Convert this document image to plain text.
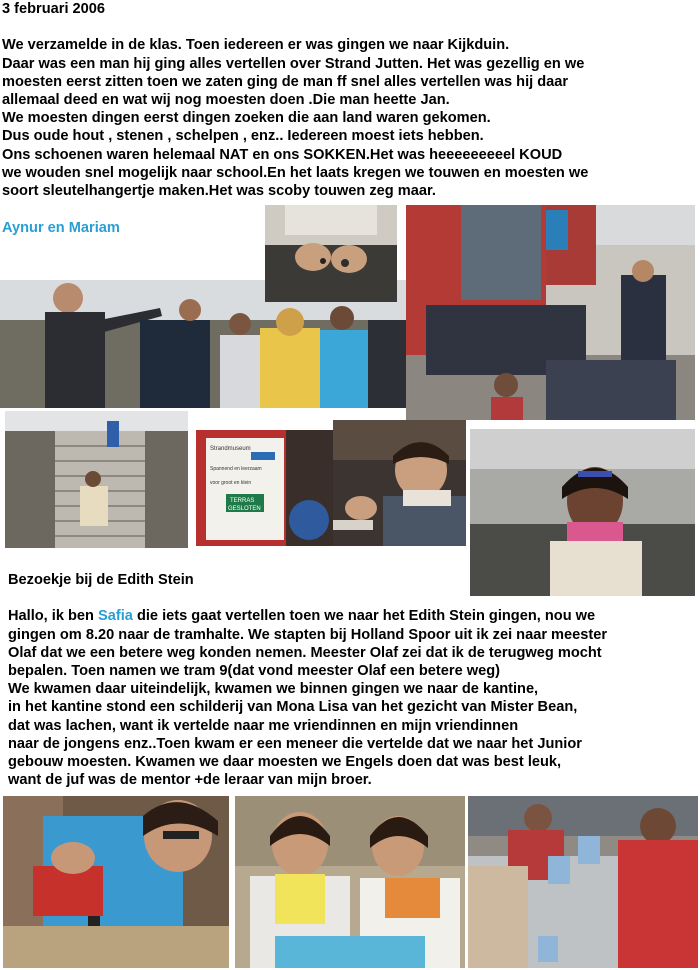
3 februari 2006
We verzamelde in de klas. Toen iedereen er was gingen we naar Kijkduin.
Daar was een man hij ging alles vertellen over Strand Jutten. Het was gezellig en we
moesten eerst zitten toen we zaten ging de man ff snel alles vertellen was hij daar
allemaal deed en wat wij nog moesten doen .Die man heette Jan.
We moesten dingen eerst dingen zoeken die aan land waren gekomen.
Dus oude hout , stenen , schelpen , enz.. Iedereen moest iets hebben.
Ons schoenen waren helemaal NAT en ons SOKKEN.Het was heeeeeeeeel KOUD
we wouden snel mogelijk naar school.En het laats kregen we touwen en moesten we
soort sleutelhangertje maken.Het was scoby touwen zeg maar.
Aynur en Mariam
Strandmuseum
Spannend en leerzaam
voor groot en klein
TERRAS
GESLOTEN
Bezoekje bij de Edith Stein
Hallo, ik ben Safia die iets gaat vertellen toen we naar het Edith Stein gingen, nou we
gingen om 8.20 naar de tramhalte. We stapten bij Holland Spoor uit ik zei naar meester
Olaf dat we een betere weg konden nemen. Meester Olaf zei dat ik de terugweg mocht
bepalen. Toen namen we tram 9(dat vond meester Olaf een betere weg)
We kwamen daar uiteindelijk, kwamen we binnen gingen we naar de kantine,
in het kantine stond een schilderij van Mona Lisa van het gezicht van Mister Bean,
dat was lachen, want ik vertelde naar me vriendinnen en mijn vriendinnen
naar de jongens enz..Toen kwam er een meneer die vertelde dat we naar het Junior
gebouw moesten. Kwamen we daar moesten we Engels doen dat was best leuk,
want de juf was de mentor +de leraar van mijn broer.
